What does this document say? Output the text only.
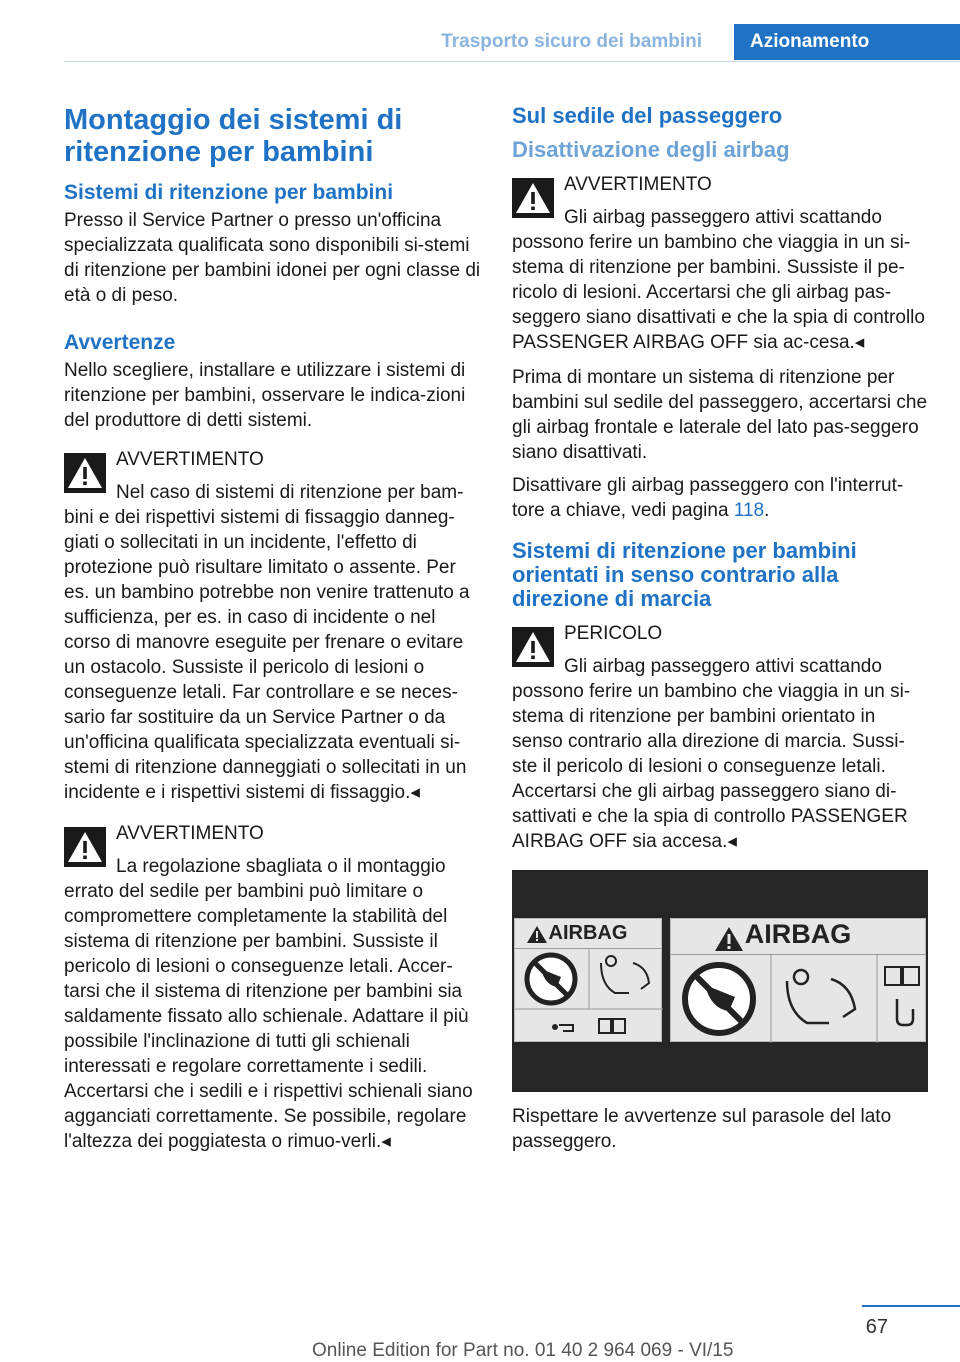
Trasporto sicuro dei bambini	Azionamento
Montaggio dei sistemi di ritenzione per bambini
Sistemi di ritenzione per bambini
Presso il Service Partner o presso un'officina specializzata qualificata sono disponibili si-stemi di ritenzione per bambini idonei per ogni classe di età o di peso.
Avvertenze
Nello scegliere, installare e utilizzare i sistemi di ritenzione per bambini, osservare le indica-zioni del produttore di detti sistemi.
AVVERTIMENTO
Nel caso di sistemi di ritenzione per bam-bini e dei rispettivi sistemi di fissaggio danneg-giati o sollecitati in un incidente, l'effetto di protezione può risultare limitato o assente. Per es. un bambino potrebbe non venire trattenuto a sufficienza, per es. in caso di incidente o nel corso di manovre eseguite per frenare o evitare un ostacolo. Sussiste il pericolo di lesioni o conseguenze letali. Far controllare e se neces-sario far sostituire da un Service Partner o da un'officina qualificata specializzata eventuali si-stemi di ritenzione danneggiati o sollecitati in un incidente e i rispettivi sistemi di fissaggio.◂
AVVERTIMENTO
La regolazione sbagliata o il montaggio errato del sedile per bambini può limitare o compromettere completamente la stabilità del sistema di ritenzione per bambini. Sussiste il pericolo di lesioni o conseguenze letali. Accer-tarsi che il sistema di ritenzione per bambini sia saldamente fissato allo schienale. Adattare il più possibile l'inclinazione di tutti gli schienali interessati e regolare correttamente i sedili. Accertarsi che i sedili e i rispettivi schienali siano agganciati correttamente. Se possibile, regolare l'altezza dei poggiatesta o rimuo-verli.◂
Sul sedile del passeggero
Disattivazione degli airbag
AVVERTIMENTO
Gli airbag passeggero attivi scattando possono ferire un bambino che viaggia in un si-stema di ritenzione per bambini. Sussiste il pe-ricolo di lesioni. Accertarsi che gli airbag pas-seggero siano disattivati e che la spia di controllo PASSENGER AIRBAG OFF sia ac-cesa.◂
Prima di montare un sistema di ritenzione per bambini sul sedile del passeggero, accertarsi che gli airbag frontale e laterale del lato pas-seggero siano disattivati.
Disattivare gli airbag passeggero con l'interrut-tore a chiave, vedi pagina 118.
Sistemi di ritenzione per bambini orientati in senso contrario alla direzione di marcia
PERICOLO
Gli airbag passeggero attivi scattando possono ferire un bambino che viaggia in un si-stema di ritenzione per bambini orientato in senso contrario alla direzione di marcia. Sussi-ste il pericolo di lesioni o conseguenze letali. Accertarsi che gli airbag passeggero siano di-sattivati e che la spia di controllo PASSENGER AIRBAG OFF sia accesa.◂
AIRBAG	AIRBAG
Rispettare le avvertenze sul parasole del lato passeggero.
67
Online Edition for Part no. 01 40 2 964 069 - VI/15
